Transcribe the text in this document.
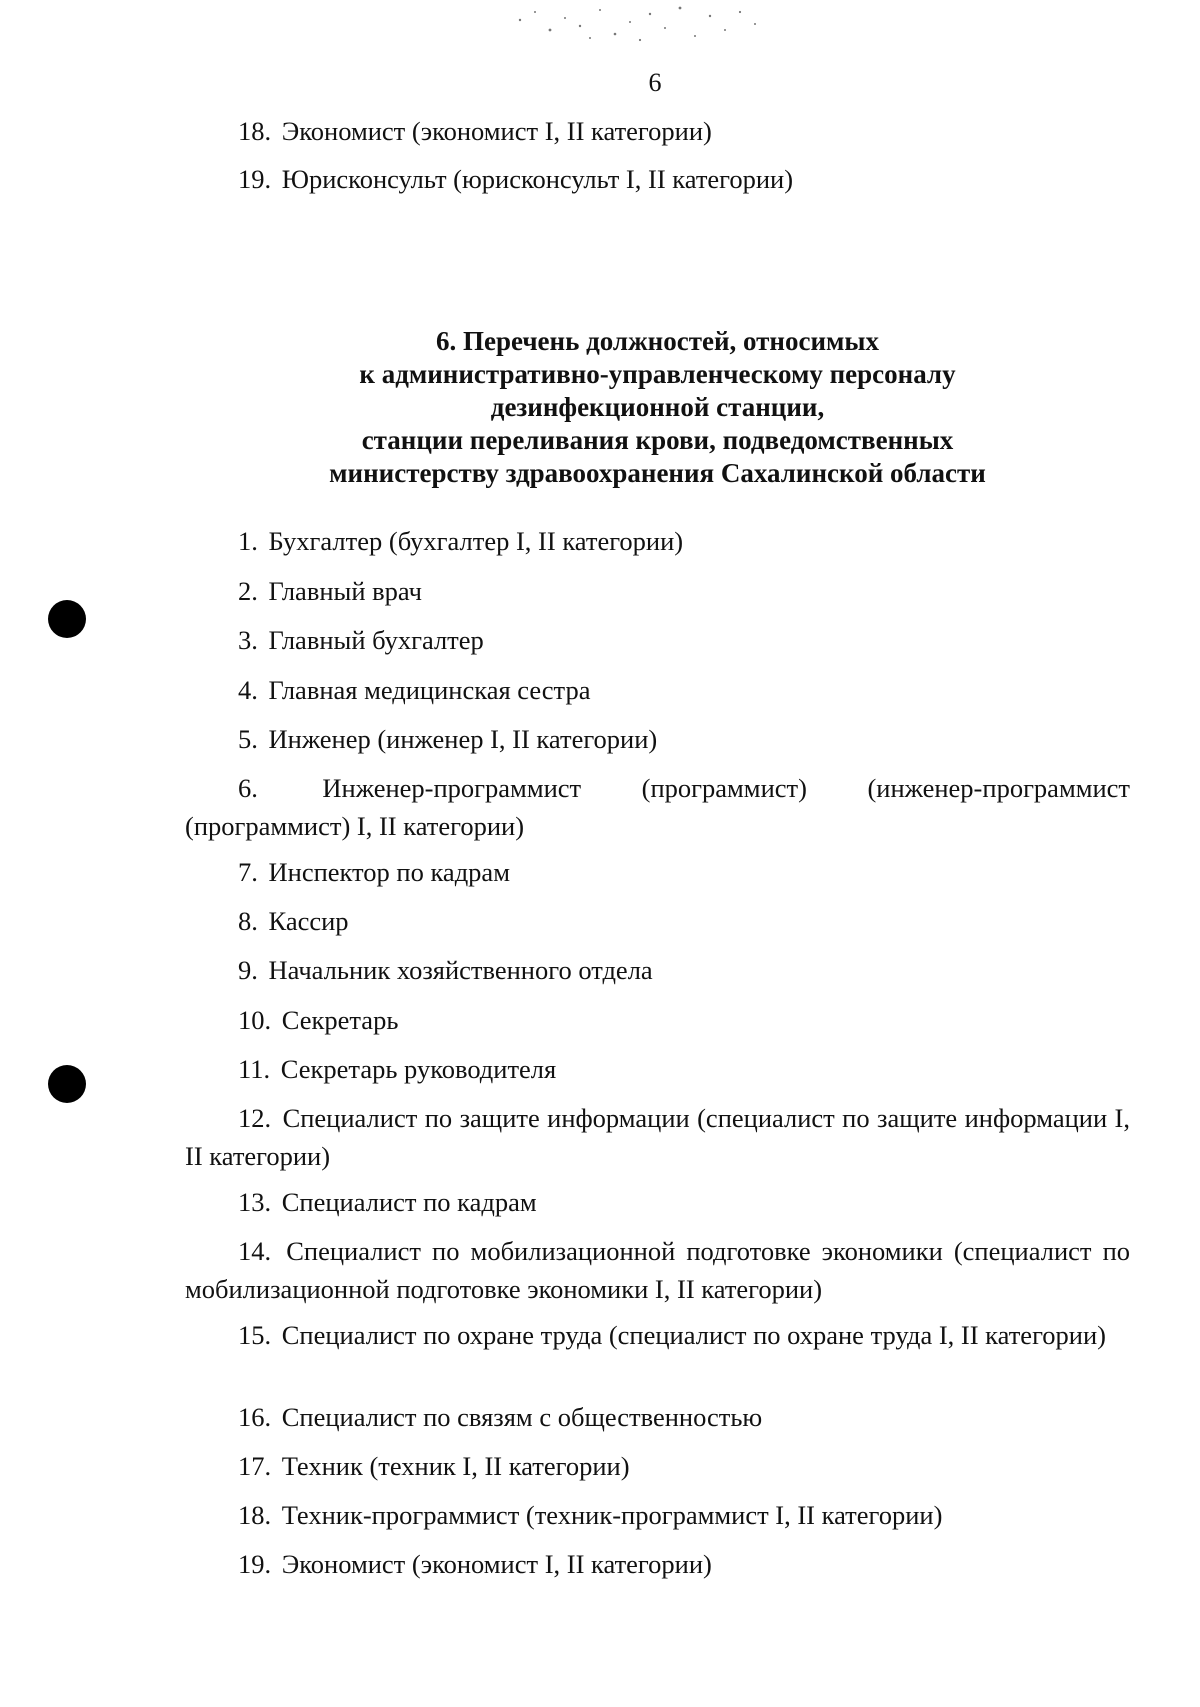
6

18. Экономист (экономист I, II категории)

19. Юрисконсульт (юрисконсульт I, II категории)

6. Перечень должностей, относимых
к административно-управленческому персоналу
дезинфекционной станции,
станции переливания крови, подведомственных
министерству здравоохранения Сахалинской области

1. Бухгалтер (бухгалтер I, II категории)

2. Главный врач

3. Главный бухгалтер

4. Главная медицинская сестра

5. Инженер (инженер I, II категории)

6. Инженер-программист (программист) (инженер-программист (программист) I, II категории)

7. Инспектор по кадрам

8. Кассир

9. Начальник хозяйственного отдела

10. Секретарь

11. Секретарь руководителя

12. Специалист по защите информации (специалист по защите информации I, II категории)

13. Специалист по кадрам

14. Специалист по мобилизационной подготовке экономики (специалист по мобилизационной подготовке экономики I, II категории)

15. Специалист по охране труда (специалист по охране труда I, II категории)

16. Специалист по связям с общественностью

17. Техник (техник I, II категории)

18. Техник-программист (техник-программист I, II категории)

19. Экономист (экономист I, II категории)
